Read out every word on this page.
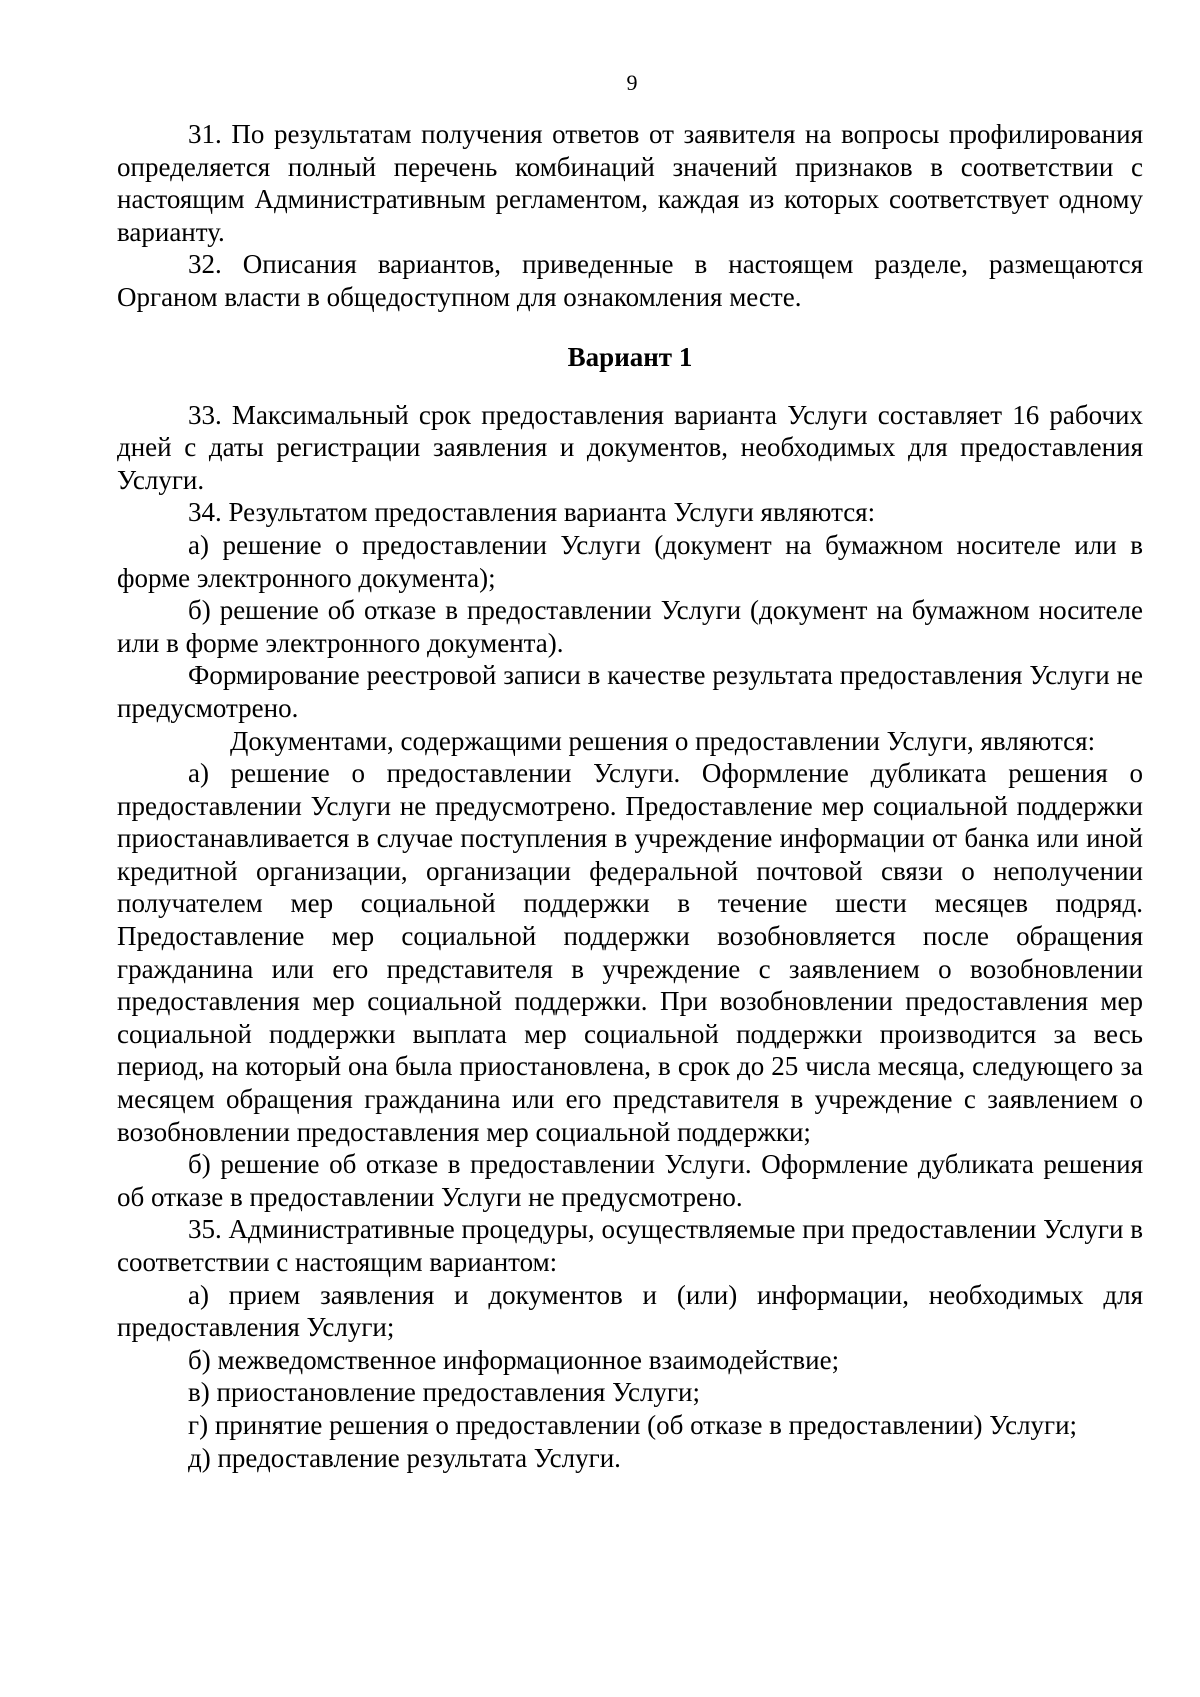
9

31. По результатам получения ответов от заявителя на вопросы профилирования определяется полный перечень комбинаций значений признаков в соответствии с настоящим Административным регламентом, каждая из которых соответствует одному варианту.

32. Описания вариантов, приведенные в настоящем разделе, размещаются Органом власти в общедоступном для ознакомления месте.

Вариант 1

33. Максимальный срок предоставления варианта Услуги составляет 16 рабочих дней с даты регистрации заявления и документов, необходимых для предоставления Услуги.

34. Результатом предоставления варианта Услуги являются:

а) решение о предоставлении Услуги (документ на бумажном носителе или в форме электронного документа);

б) решение об отказе в предоставлении Услуги (документ на бумажном носителе или в форме электронного документа).

Формирование реестровой записи в качестве результата предоставления Услуги не предусмотрено.

Документами, содержащими решения о предоставлении Услуги, являются:

а) решение о предоставлении Услуги. Оформление дубликата решения о предоставлении Услуги не предусмотрено. Предоставление мер социальной поддержки приостанавливается в случае поступления в учреждение информации от банка или иной кредитной организации, организации федеральной почтовой связи о неполучении получателем мер социальной поддержки в течение шести месяцев подряд. Предоставление мер социальной поддержки возобновляется после обращения гражданина или его представителя в учреждение с заявлением о возобновлении предоставления мер социальной поддержки. При возобновлении предоставления мер социальной поддержки выплата мер социальной поддержки производится за весь период, на который она была приостановлена, в срок до 25 числа месяца, следующего за месяцем обращения гражданина или его представителя в учреждение с заявлением о возобновлении предоставления мер социальной поддержки;

б) решение об отказе в предоставлении Услуги. Оформление дубликата решения об отказе в предоставлении Услуги не предусмотрено.

35. Административные процедуры, осуществляемые при предоставлении Услуги в соответствии с настоящим вариантом:

а) прием заявления и документов и (или) информации, необходимых для предоставления Услуги;

б) межведомственное информационное взаимодействие;

в) приостановление предоставления Услуги;

г) принятие решения о предоставлении (об отказе в предоставлении) Услуги;

д) предоставление результата Услуги.
